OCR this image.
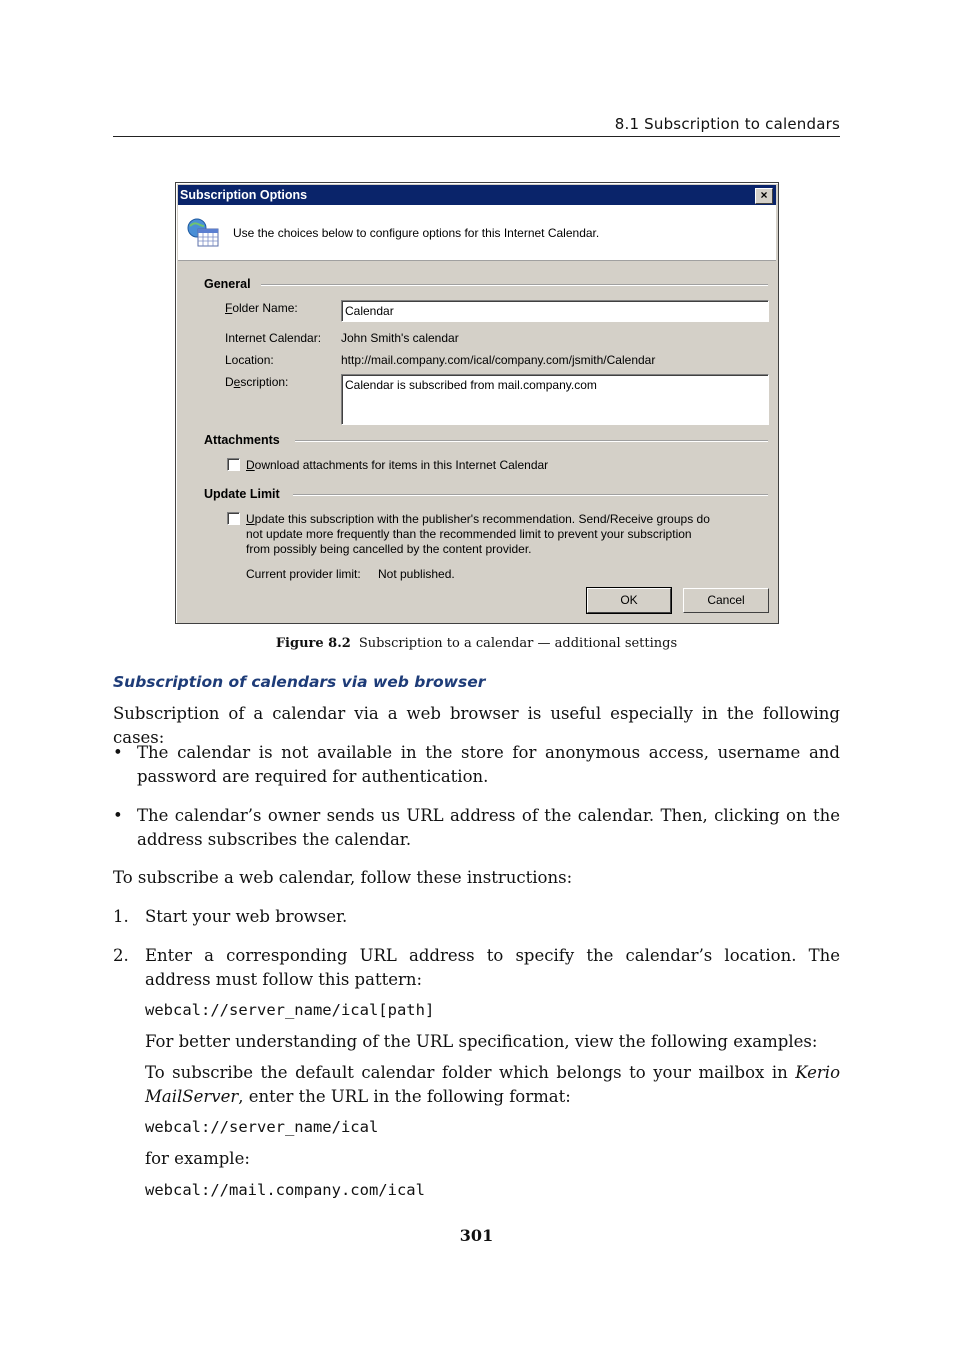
8.1 Subscription to calendars
Subscription Options	×
Use the choices below to configure options for this Internet Calendar.
General
Folder Name:	Calendar
Internet Calendar: John Smith's calendar
Location:	http://mail.company.com/ical/company.com/jsmith/Calendar
Description:	Calendar is subscribed from mail.company.com
Attachments
Download attachments for items in this Internet Calendar
Update Limit
Update this subscription with the publisher's recommendation. Send/Receive groups do
not update more frequently than the recommended limit to prevent your subscription
from possibly being cancelled by the content provider.
Current provider limit: Not published.
OK	Cancel
Figure 8.2 Subscription to a calendar — additional settings
Subscription of calendars via web browser
Subscription of a calendar via a web browser is useful especially in the following cases:
• The calendar is not available in the store for anonymous access, username and password are required for authentication.
• The calendar’s owner sends us URL address of the calendar. Then, clicking on the address subscribes the calendar.
To subscribe a web calendar, follow these instructions:
1. Start your web browser.
2. Enter a corresponding URL address to specify the calendar’s location. The address must follow this pattern:
webcal://server_name/ical[path]
For better understanding of the URL specification, view the following examples:
To subscribe the default calendar folder which belongs to your mailbox in Kerio MailServer, enter the URL in the following format:
webcal://server_name/ical
for example:
webcal://mail.company.com/ical
301
